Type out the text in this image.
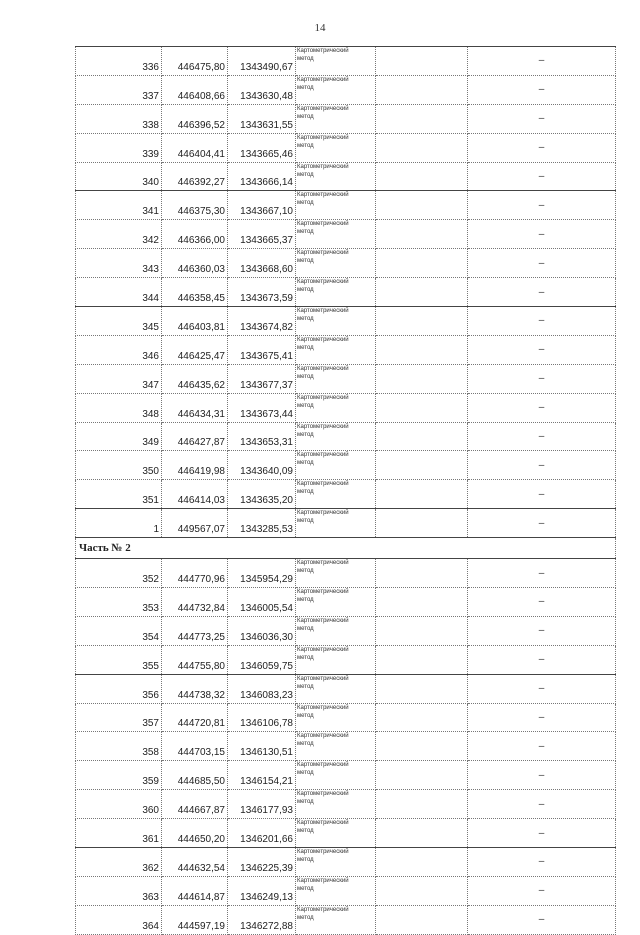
14
336	446475,80	1343490,67	Картометрический
метод		–
337	446408,66	1343630,48	Картометрический
метод		–
338	446396,52	1343631,55	Картометрический
метод		–
339	446404,41	1343665,46	Картометрический
метод		–
340	446392,27	1343666,14	Картометрический
метод		–
341	446375,30	1343667,10	Картометрический
метод		–
342	446366,00	1343665,37	Картометрический
метод		–
343	446360,03	1343668,60	Картометрический
метод		–
344	446358,45	1343673,59	Картометрический
метод		–
345	446403,81	1343674,82	Картометрический
метод		–
346	446425,47	1343675,41	Картометрический
метод		–
347	446435,62	1343677,37	Картометрический
метод		–
348	446434,31	1343673,44	Картометрический
метод		–
349	446427,87	1343653,31	Картометрический
метод		–
350	446419,98	1343640,09	Картометрический
метод		–
351	446414,03	1343635,20	Картометрический
метод		–
1	449567,07	1343285,53	Картометрический
метод		–
Часть № 2					
352	444770,96	1345954,29	Картометрический
метод		–
353	444732,84	1346005,54	Картометрический
метод		–
354	444773,25	1346036,30	Картометрический
метод		–
355	444755,80	1346059,75	Картометрический
метод		–
356	444738,32	1346083,23	Картометрический
метод		–
357	444720,81	1346106,78	Картометрический
метод		–
358	444703,15	1346130,51	Картометрический
метод		–
359	444685,50	1346154,21	Картометрический
метод		–
360	444667,87	1346177,93	Картометрический
метод		–
361	444650,20	1346201,66	Картометрический
метод		–
362	444632,54	1346225,39	Картометрический
метод		–
363	444614,87	1346249,13	Картометрический
метод		–
364	444597,19	1346272,88	Картометрический
метод		–
